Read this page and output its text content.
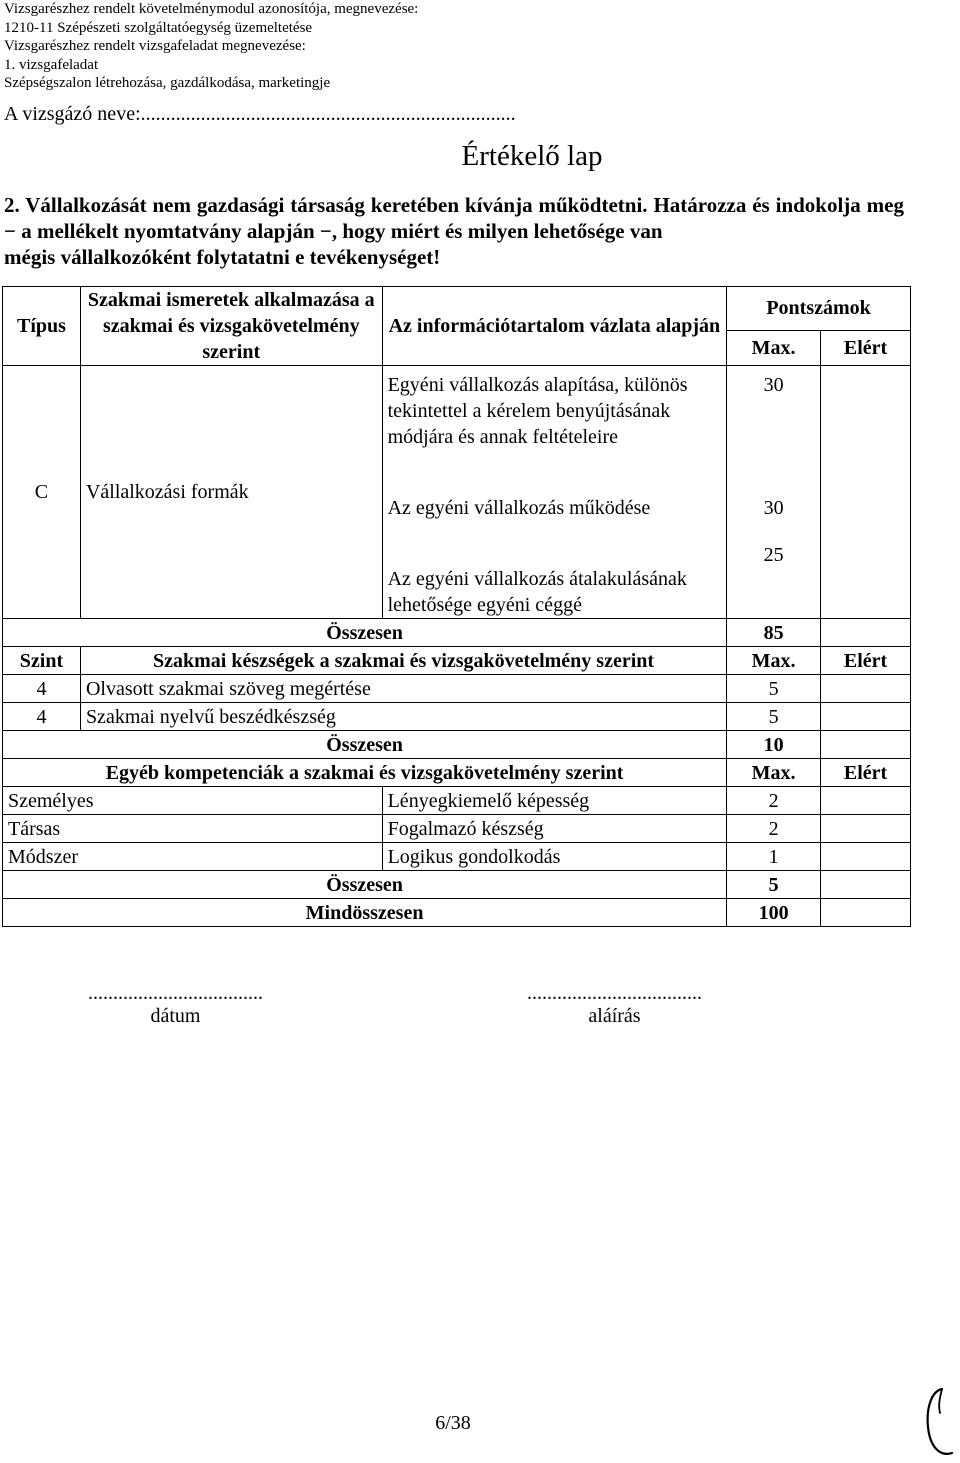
Vizsgarészhez rendelt követelménymodul azonosítója, megnevezése:
1210-11 Szépészeti szolgáltatóegység üzemeltetése
Vizsgarészhez rendelt vizsgafeladat megnevezése:
1. vizsgafeladat
Szépségszalon létrehozása, gazdálkodása, marketingje
A vizsgázó neve:...........................................................................
Értékelő lap
2. Vállalkozását nem gazdasági társaság keretében kívánja működtetni. Határozza és indokolja meg − a mellékelt nyomtatvány alapján −, hogy miért és milyen lehetősége van
mégis vállalkozóként folytatatni e tevékenységet!
Típus	Szakmai ismeretek alkalmazása a szakmai és vizsgakövetelmény szerint	Az információtartalom vázlata alapján	Pontszámok	
			Max.	Elért
C	Vállalkozási formák	Egyéni vállalkozás alapítása, különös tekintettel a kérelem benyújtásának módjára és annak feltételeire	30	
		Az egyéni vállalkozás működése	30	
		Az egyéni vállalkozás átalakulásának lehetősége egyéni céggé	25	
Összesen			85	
Szint	Szakmai készségek a szakmai és vizsgakövetelmény szerint		Max.	Elért
4	Olvasott szakmai szöveg megértése		5	
4	Szakmai nyelvű beszédkészség		5	
Összesen			10	
Egyéb kompetenciák a szakmai és vizsgakövetelmény szerint			Max.	Elért
Személyes		Lényegkiemelő képesség	2	
Társas		Fogalmazó készség	2	
Módszer		Logikus gondolkodás	1	
Összesen			5	
Mindösszesen			100	
...................................
dátum
...................................
aláírás
6/38
